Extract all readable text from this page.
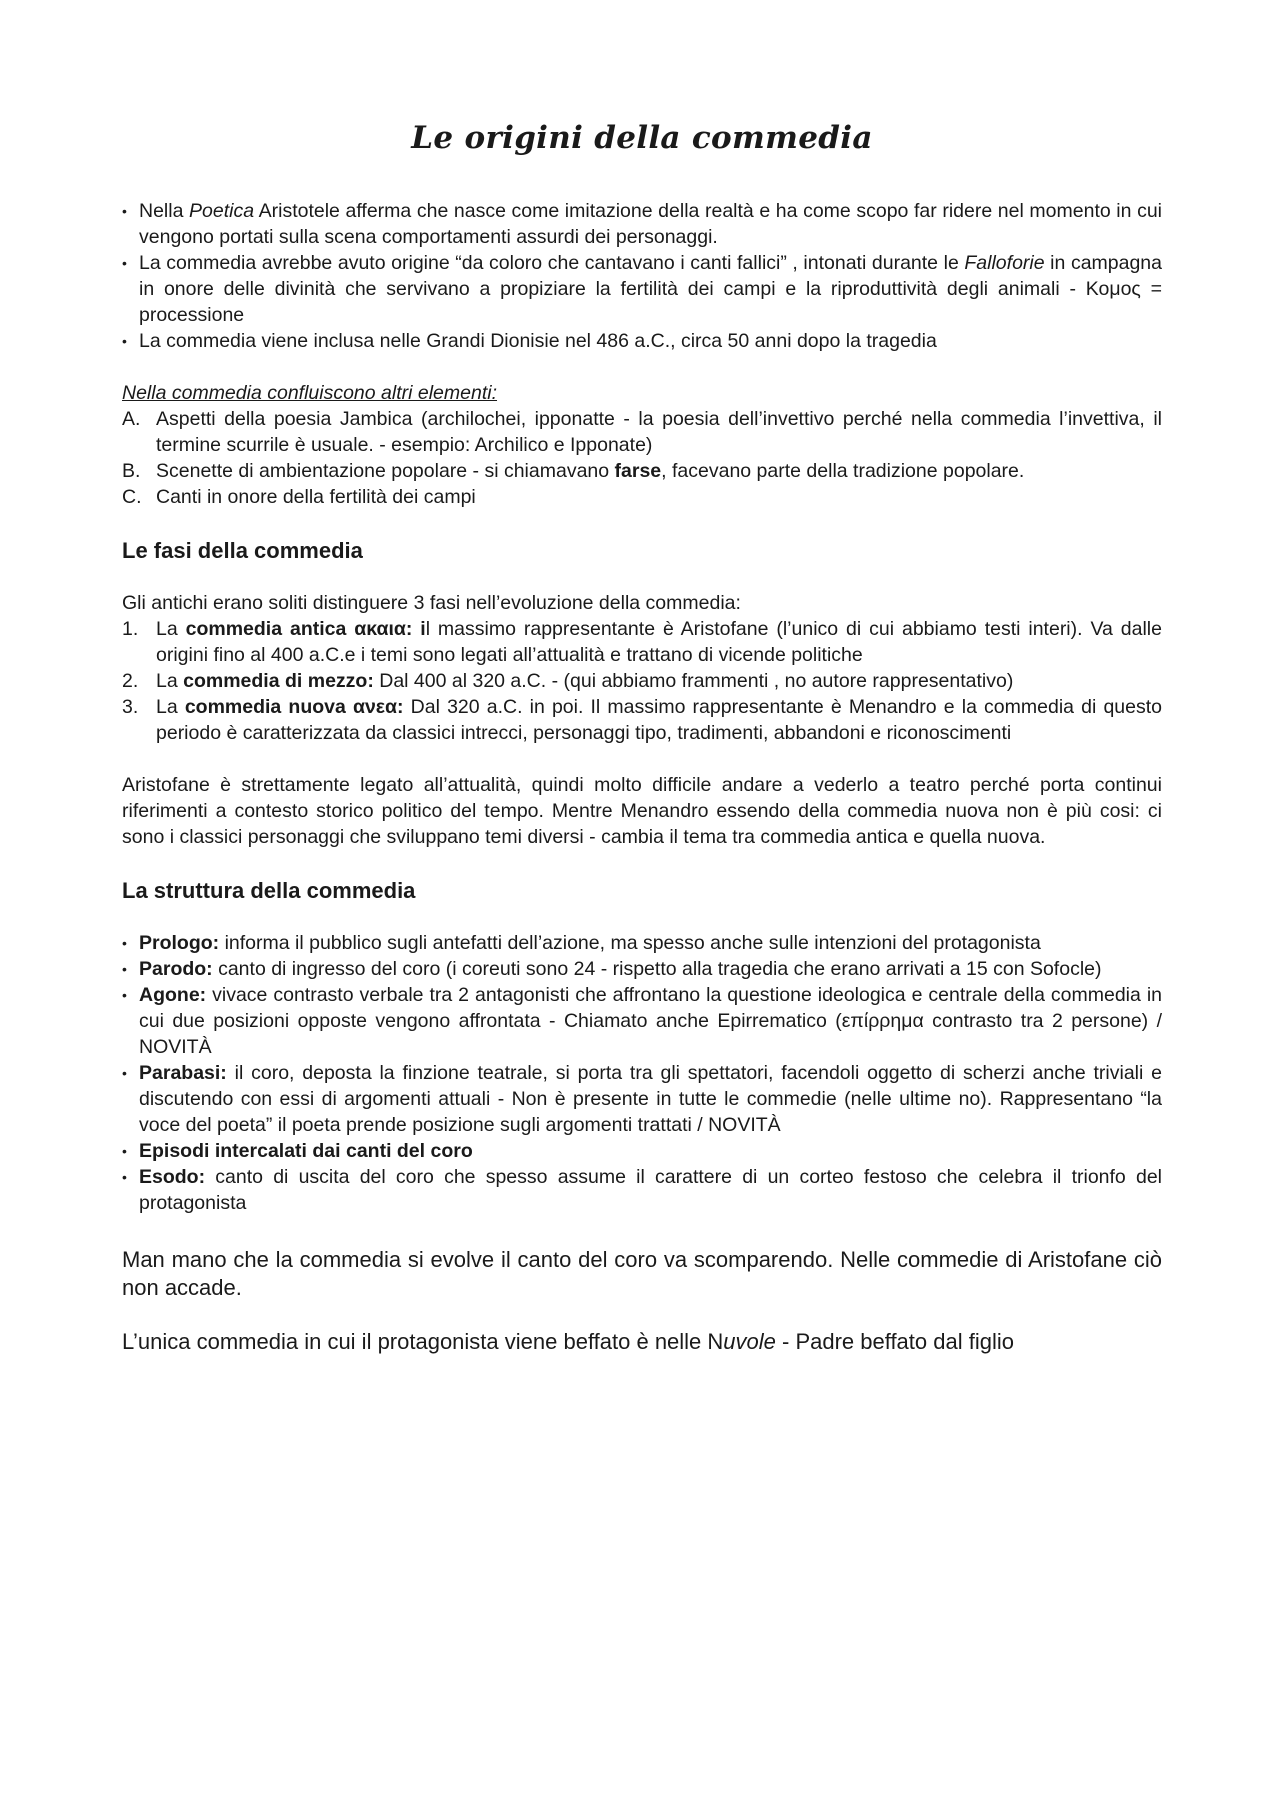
Le origini della commedia
• Nella Poetica Aristotele afferma che nasce come imitazione della realtà e ha come scopo far ridere nel momento in cui vengono portati sulla scena comportamenti assurdi dei personaggi.
• La commedia avrebbe avuto origine “da coloro che cantavano i canti fallici” , intonati durante le Falloforie in campagna in onore delle divinità che servivano a propiziare la fertilità dei campi e la riproduttività degli animali - Κομος = processione
• La commedia viene inclusa nelle Grandi Dionisie nel 486 a.C., circa 50 anni dopo la tragedia
Nella commedia confluiscono altri elementi:
A. Aspetti della poesia Jambica (archilochei, ipponatte - la poesia dell’invettivo perché nella commedia l’invettiva, il termine scurrile è usuale. - esempio: Archilico e Ipponate)
B. Scenette di ambientazione popolare - si chiamavano farse, facevano parte della tradizione popolare.
C. Canti in onore della fertilità dei campi
Le fasi della commedia

Gli antichi erano soliti distinguere 3 fasi nell’evoluzione della commedia:

1. La commedia antica ακαια: il massimo rappresentante è Aristofane (l’unico di cui abbiamo testi interi). Va dalle origini fino al 400 a.C.e i temi sono legati all’attualità e trattano di vicende politiche
2. La commedia di mezzo: Dal 400 al 320 a.C. - (qui abbiamo frammenti , no autore rappresentativo)
3. La commedia nuova ανεα: Dal 320 a.C. in poi. Il massimo rappresentante è Menandro e la commedia di questo periodo è caratterizzata da classici intrecci, personaggi tipo, tradimenti, abbandoni e riconoscimenti

Aristofane è strettamente legato all’attualità, quindi molto difficile andare a vederlo a teatro perché porta continui riferimenti a contesto storico politico del tempo. Mentre Menandro essendo della commedia nuova non è più cosi: ci sono i classici personaggi che sviluppano temi diversi - cambia il tema tra commedia antica e quella nuova.

La struttura della commedia
• Prologo: informa il pubblico sugli antefatti dell’azione, ma spesso anche sulle intenzioni del protagonista
• Parodo: canto di ingresso del coro (i coreuti sono 24 - rispetto alla tragedia che erano arrivati a 15 con Sofocle)
• Agone: vivace contrasto verbale tra 2 antagonisti che affrontano la questione ideologica e centrale della commedia in cui due posizioni opposte vengono affrontata - Chiamato anche Epirrematico (επίρρημα contrasto tra 2 persone) / NOVITÀ
• Parabasi: il coro, deposta la finzione teatrale, si porta tra gli spettatori, facendoli oggetto di scherzi anche triviali e discutendo con essi di argomenti attuali - Non è presente in tutte le commedie (nelle ultime no). Rappresentano “la voce del poeta” il poeta prende posizione sugli argomenti trattati / NOVITÀ
• Episodi intercalati dai canti del coro
• Esodo: canto di uscita del coro che spesso assume il carattere di un corteo festoso che celebra il trionfo del protagonista

Man mano che la commedia si evolve il canto del coro va scomparendo. Nelle commedie di Aristofane ciò non accade.

L’unica commedia in cui il protagonista viene beffato è nelle Nuvole - Padre beffato dal figlio
